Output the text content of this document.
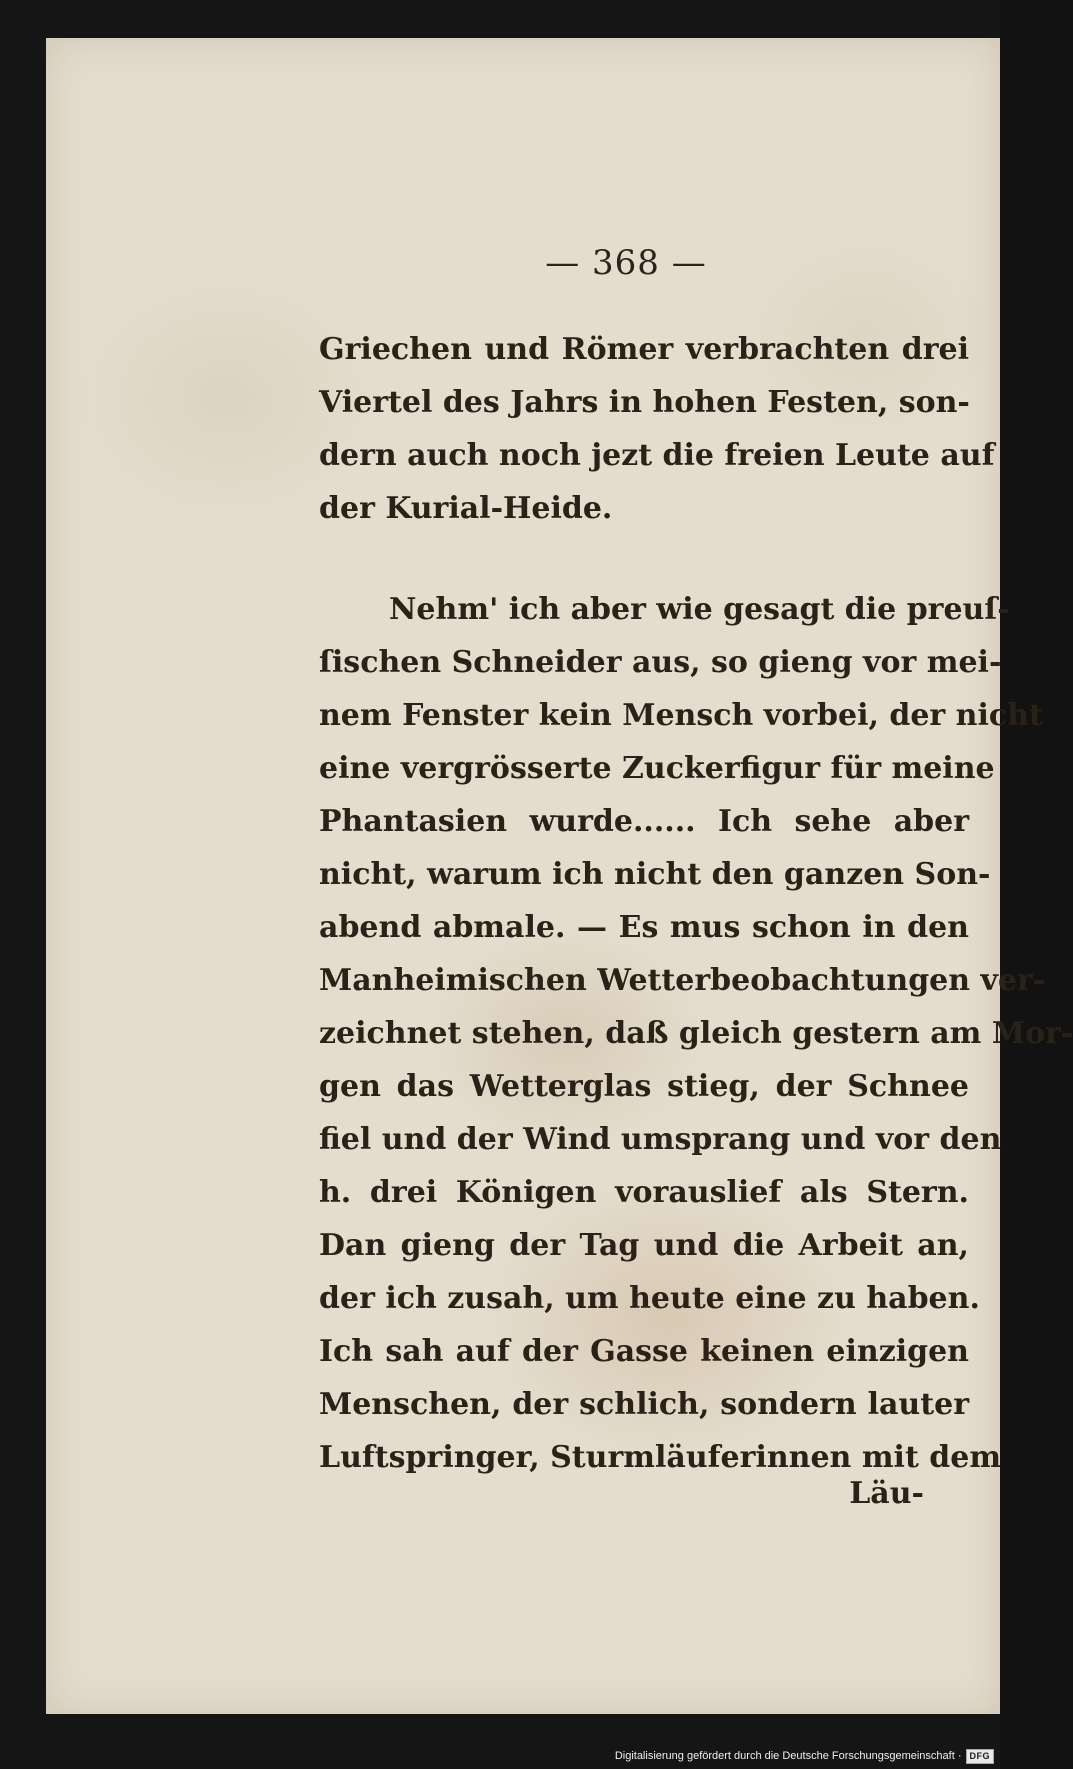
— 368 —
Griechen und Römer verbrachten drei
Viertel des Jahrs in hohen Festen, son-
dern auch noch jezt die freien Leute auf
der Kurial-Heide.
Nehm' ich aber wie gesagt die preuſ-
ſischen Schneider aus, so gieng vor mei-
nem Fenster kein Mensch vorbei, der nicht
eine vergrösserte Zuckerfigur für meine
Phantasien wurde...... Ich sehe aber
nicht, warum ich nicht den ganzen Son-
abend abmale. — Es mus schon in den
Manheimischen Wetterbeobachtungen ver-
zeichnet stehen, daß gleich gestern am Mor-
gen das Wetterglas stieg, der Schnee
fiel und der Wind umsprang und vor den
h. drei Königen vorauslief als Stern.
Dan gieng der Tag und die Arbeit an,
der ich zusah, um heute eine zu haben.
Ich sah auf der Gasse keinen einzigen
Menschen, der schlich, sondern lauter
Luftspringer, Sturmläuferinnen mit dem
Läu-
Digitalisierung gefördert durch die Deutsche Forschungsgemeinschaft · DFG
